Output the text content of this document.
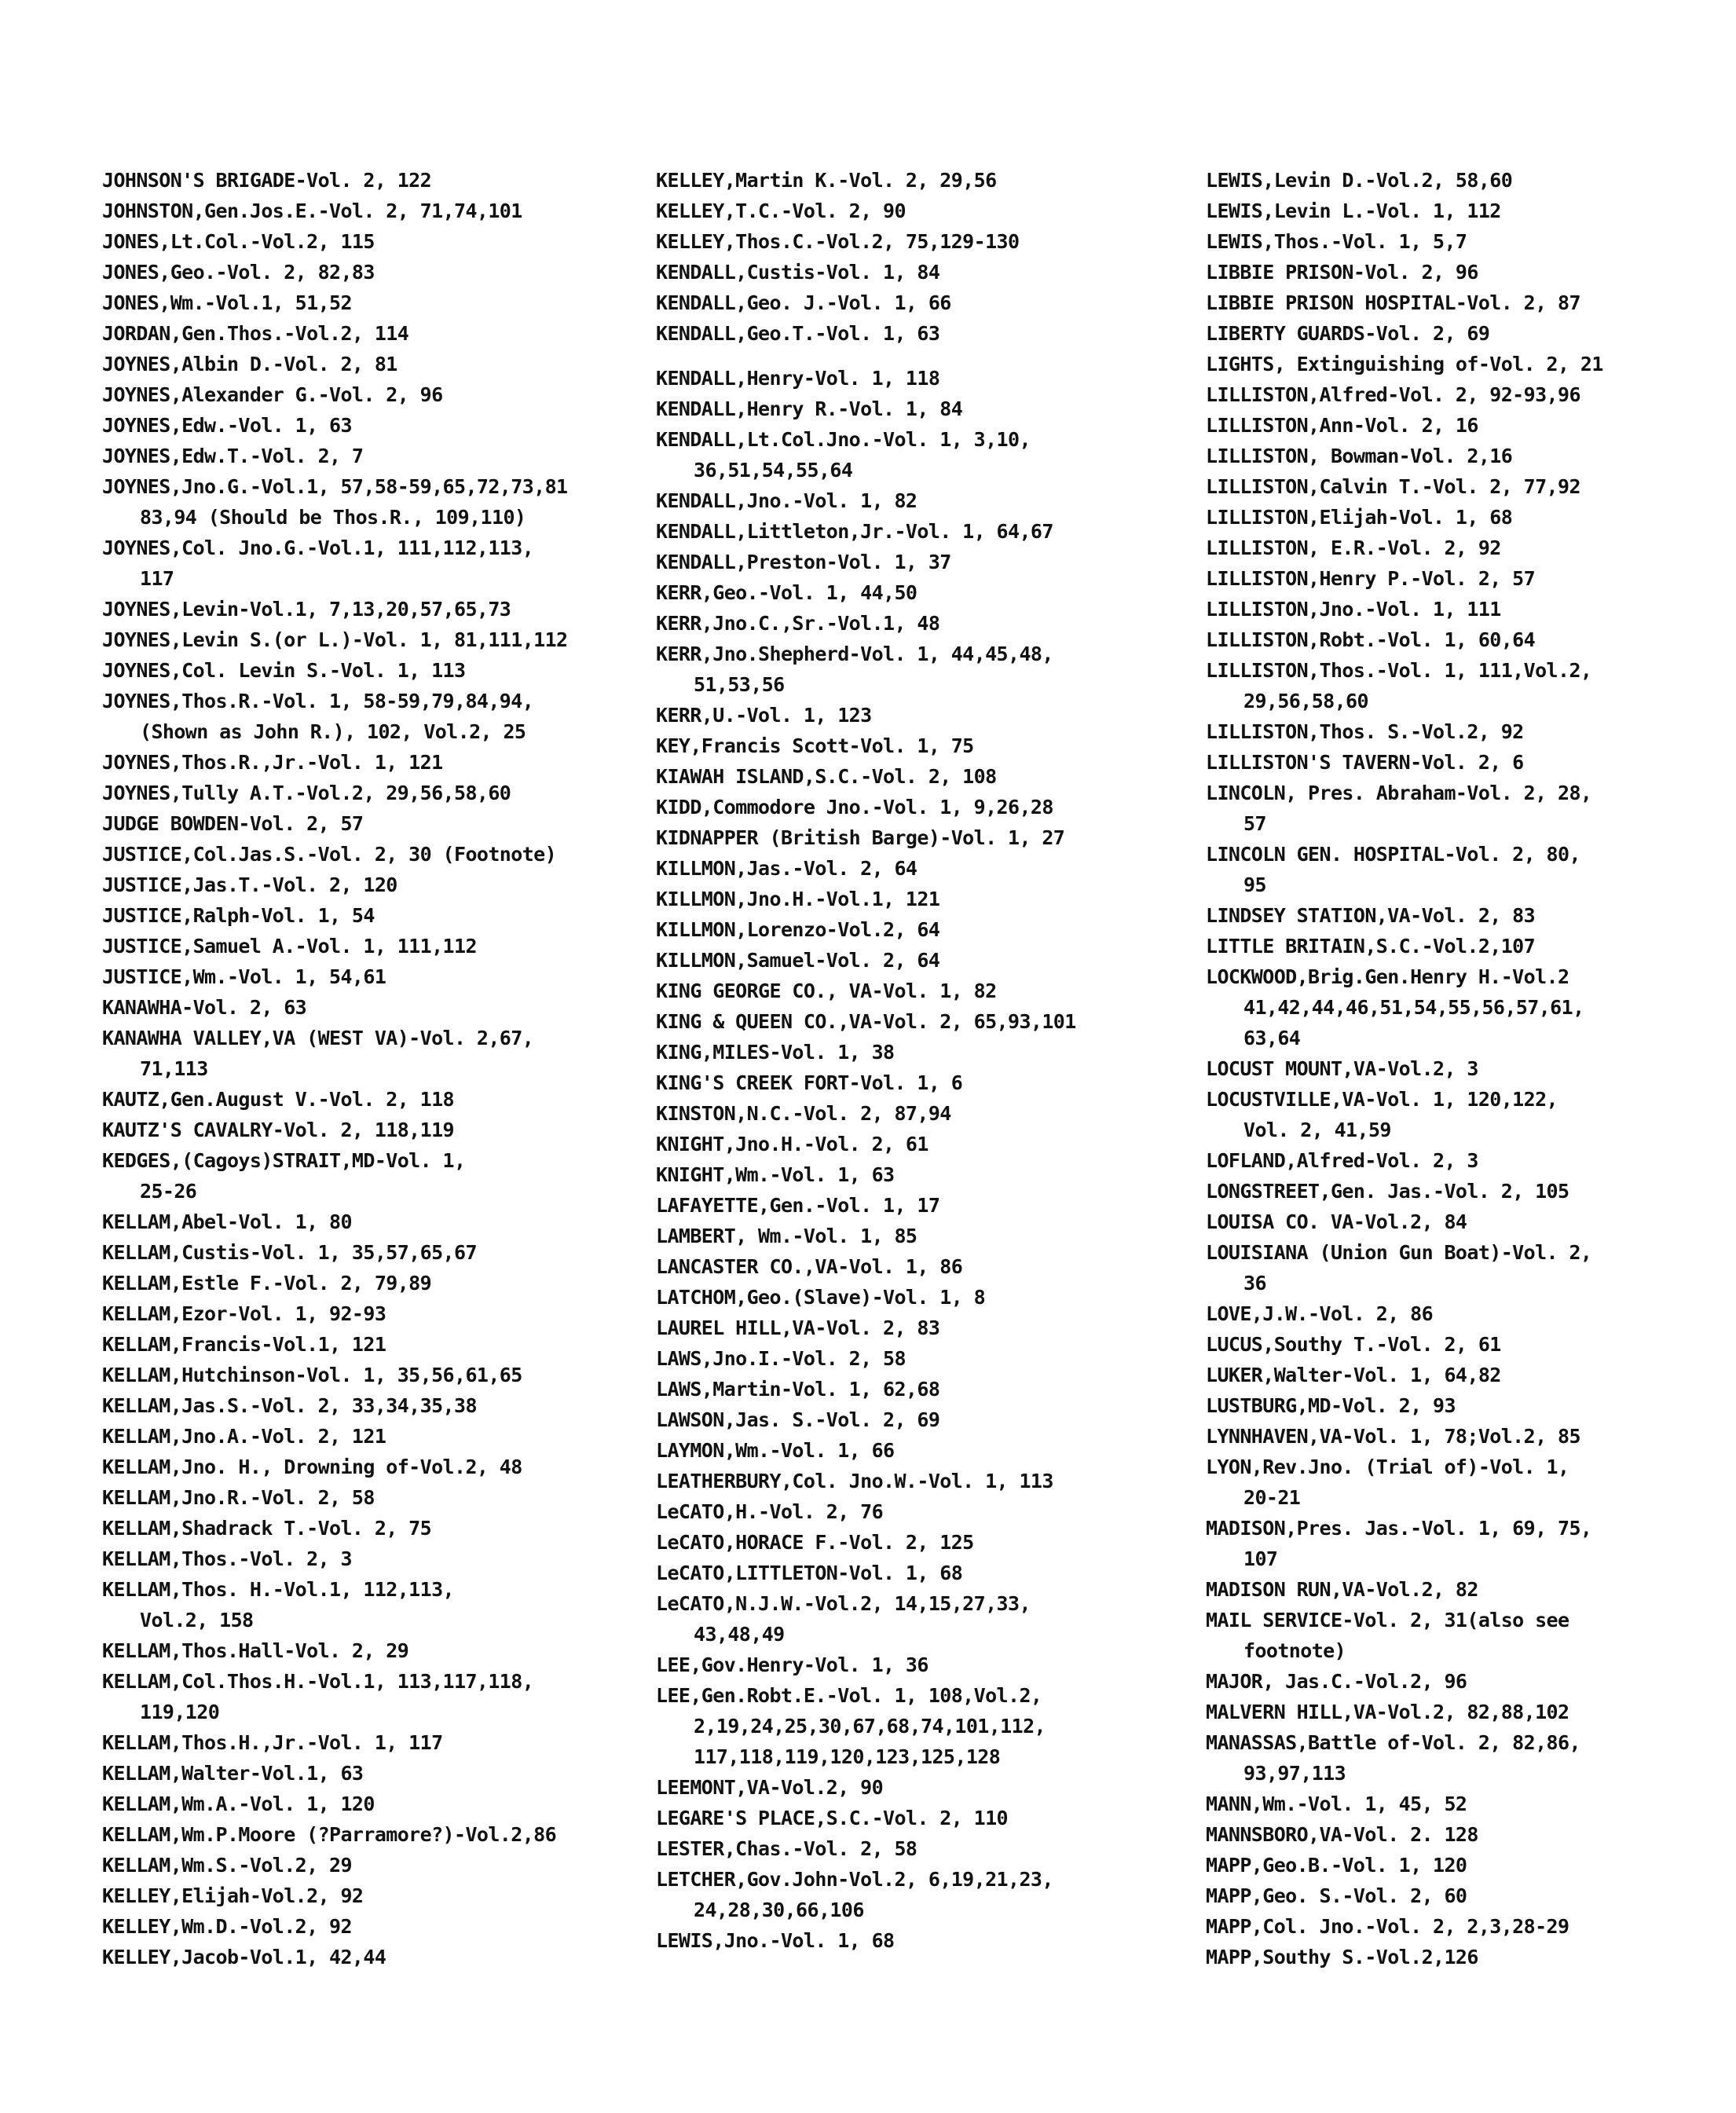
JOHNSON'S BRIGADE-Vol. 2, 122
JOHNSTON,Gen.Jos.E.-Vol. 2, 71,74,101
JONES,Lt.Col.-Vol.2, 115
JONES,Geo.-Vol. 2, 82,83
JONES,Wm.-Vol.1, 51,52
JORDAN,Gen.Thos.-Vol.2, 114
JOYNES,Albin D.-Vol. 2, 81
JOYNES,Alexander G.-Vol. 2, 96
JOYNES,Edw.-Vol. 1, 63
JOYNES,Edw.T.-Vol. 2, 7
JOYNES,Jno.G.-Vol.1, 57,58-59,65,72,73,81
83,94 (Should be Thos.R., 109,110)
JOYNES,Col. Jno.G.-Vol.1, 111,112,113,
117
JOYNES,Levin-Vol.1, 7,13,20,57,65,73
JOYNES,Levin S.(or L.)-Vol. 1, 81,111,112
JOYNES,Col. Levin S.-Vol. 1, 113
JOYNES,Thos.R.-Vol. 1, 58-59,79,84,94,
(Shown as John R.), 102, Vol.2, 25
JOYNES,Thos.R.,Jr.-Vol. 1, 121
JOYNES,Tully A.T.-Vol.2, 29,56,58,60
JUDGE BOWDEN-Vol. 2, 57
JUSTICE,Col.Jas.S.-Vol. 2, 30 (Footnote)
JUSTICE,Jas.T.-Vol. 2, 120
JUSTICE,Ralph-Vol. 1, 54
JUSTICE,Samuel A.-Vol. 1, 111,112
JUSTICE,Wm.-Vol. 1, 54,61
KANAWHA-Vol. 2, 63
KANAWHA VALLEY,VA (WEST VA)-Vol. 2,67,
71,113
KAUTZ,Gen.August V.-Vol. 2, 118
KAUTZ'S CAVALRY-Vol. 2, 118,119
KEDGES,(Cagoys)STRAIT,MD-Vol. 1,
25-26
KELLAM,Abel-Vol. 1, 80
KELLAM,Custis-Vol. 1, 35,57,65,67
KELLAM,Estle F.-Vol. 2, 79,89
KELLAM,Ezor-Vol. 1, 92-93
KELLAM,Francis-Vol.1, 121
KELLAM,Hutchinson-Vol. 1, 35,56,61,65
KELLAM,Jas.S.-Vol. 2, 33,34,35,38
KELLAM,Jno.A.-Vol. 2, 121
KELLAM,Jno. H., Drowning of-Vol.2, 48
KELLAM,Jno.R.-Vol. 2, 58
KELLAM,Shadrack T.-Vol. 2, 75
KELLAM,Thos.-Vol. 2, 3
KELLAM,Thos. H.-Vol.1, 112,113,
Vol.2, 158
KELLAM,Thos.Hall-Vol. 2, 29
KELLAM,Col.Thos.H.-Vol.1, 113,117,118,
119,120
KELLAM,Thos.H.,Jr.-Vol. 1, 117
KELLAM,Walter-Vol.1, 63
KELLAM,Wm.A.-Vol. 1, 120
KELLAM,Wm.P.Moore (?Parramore?)-Vol.2,86
KELLAM,Wm.S.-Vol.2, 29
KELLEY,Elijah-Vol.2, 92
KELLEY,Wm.D.-Vol.2, 92
KELLEY,Jacob-Vol.1, 42,44
KELLEY,Martin K.-Vol. 2, 29,56
KELLEY,T.C.-Vol. 2, 90
KELLEY,Thos.C.-Vol.2, 75,129-130
KENDALL,Custis-Vol. 1, 84
KENDALL,Geo. J.-Vol. 1, 66
KENDALL,Geo.T.-Vol. 1, 63
KENDALL,Henry-Vol. 1, 118
KENDALL,Henry R.-Vol. 1, 84
KENDALL,Lt.Col.Jno.-Vol. 1, 3,10,
36,51,54,55,64
KENDALL,Jno.-Vol. 1, 82
KENDALL,Littleton,Jr.-Vol. 1, 64,67
KENDALL,Preston-Vol. 1, 37
KERR,Geo.-Vol. 1, 44,50
KERR,Jno.C.,Sr.-Vol.1, 48
KERR,Jno.Shepherd-Vol. 1, 44,45,48,
51,53,56
KERR,U.-Vol. 1, 123
KEY,Francis Scott-Vol. 1, 75
KIAWAH ISLAND,S.C.-Vol. 2, 108
KIDD,Commodore Jno.-Vol. 1, 9,26,28
KIDNAPPER (British Barge)-Vol. 1, 27
KILLMON,Jas.-Vol. 2, 64
KILLMON,Jno.H.-Vol.1, 121
KILLMON,Lorenzo-Vol.2, 64
KILLMON,Samuel-Vol. 2, 64
KING GEORGE CO., VA-Vol. 1, 82
KING & QUEEN CO.,VA-Vol. 2, 65,93,101
KING,MILES-Vol. 1, 38
KING'S CREEK FORT-Vol. 1, 6
KINSTON,N.C.-Vol. 2, 87,94
KNIGHT,Jno.H.-Vol. 2, 61
KNIGHT,Wm.-Vol. 1, 63
LAFAYETTE,Gen.-Vol. 1, 17
LAMBERT, Wm.-Vol. 1, 85
LANCASTER CO.,VA-Vol. 1, 86
LATCHOM,Geo.(Slave)-Vol. 1, 8
LAUREL HILL,VA-Vol. 2, 83
LAWS,Jno.I.-Vol. 2, 58
LAWS,Martin-Vol. 1, 62,68
LAWSON,Jas. S.-Vol. 2, 69
LAYMON,Wm.-Vol. 1, 66
LEATHERBURY,Col. Jno.W.-Vol. 1, 113
LeCATO,H.-Vol. 2, 76
LeCATO,HORACE F.-Vol. 2, 125
LeCATO,LITTLETON-Vol. 1, 68
LeCATO,N.J.W.-Vol.2, 14,15,27,33,
43,48,49
LEE,Gov.Henry-Vol. 1, 36
LEE,Gen.Robt.E.-Vol. 1, 108,Vol.2,
2,19,24,25,30,67,68,74,101,112,
117,118,119,120,123,125,128
LEEMONT,VA-Vol.2, 90
LEGARE'S PLACE,S.C.-Vol. 2, 110
LESTER,Chas.-Vol. 2, 58
LETCHER,Gov.John-Vol.2, 6,19,21,23,
24,28,30,66,106
LEWIS,Jno.-Vol. 1, 68
LEWIS,Levin D.-Vol.2, 58,60
LEWIS,Levin L.-Vol. 1, 112
LEWIS,Thos.-Vol. 1, 5,7
LIBBIE PRISON-Vol. 2, 96
LIBBIE PRISON HOSPITAL-Vol. 2, 87
LIBERTY GUARDS-Vol. 2, 69
LIGHTS, Extinguishing of-Vol. 2, 21
LILLISTON,Alfred-Vol. 2, 92-93,96
LILLISTON,Ann-Vol. 2, 16
LILLISTON, Bowman-Vol. 2,16
LILLISTON,Calvin T.-Vol. 2, 77,92
LILLISTON,Elijah-Vol. 1, 68
LILLISTON, E.R.-Vol. 2, 92
LILLISTON,Henry P.-Vol. 2, 57
LILLISTON,Jno.-Vol. 1, 111
LILLISTON,Robt.-Vol. 1, 60,64
LILLISTON,Thos.-Vol. 1, 111,Vol.2,
29,56,58,60
LILLISTON,Thos. S.-Vol.2, 92
LILLISTON'S TAVERN-Vol. 2, 6
LINCOLN, Pres. Abraham-Vol. 2, 28,
57
LINCOLN GEN. HOSPITAL-Vol. 2, 80,
95
LINDSEY STATION,VA-Vol. 2, 83
LITTLE BRITAIN,S.C.-Vol.2,107
LOCKWOOD,Brig.Gen.Henry H.-Vol.2
41,42,44,46,51,54,55,56,57,61,
63,64
LOCUST MOUNT,VA-Vol.2, 3
LOCUSTVILLE,VA-Vol. 1, 120,122,
Vol. 2, 41,59
LOFLAND,Alfred-Vol. 2, 3
LONGSTREET,Gen. Jas.-Vol. 2, 105
LOUISA CO. VA-Vol.2, 84
LOUISIANA (Union Gun Boat)-Vol. 2,
36
LOVE,J.W.-Vol. 2, 86
LUCUS,Southy T.-Vol. 2, 61
LUKER,Walter-Vol. 1, 64,82
LUSTBURG,MD-Vol. 2, 93
LYNNHAVEN,VA-Vol. 1, 78;Vol.2, 85
LYON,Rev.Jno. (Trial of)-Vol. 1,
20-21
MADISON,Pres. Jas.-Vol. 1, 69, 75,
107
MADISON RUN,VA-Vol.2, 82
MAIL SERVICE-Vol. 2, 31(also see
footnote)
MAJOR, Jas.C.-Vol.2, 96
MALVERN HILL,VA-Vol.2, 82,88,102
MANASSAS,Battle of-Vol. 2, 82,86,
93,97,113
MANN,Wm.-Vol. 1, 45, 52
MANNSBORO,VA-Vol. 2. 128
MAPP,Geo.B.-Vol. 1, 120
MAPP,Geo. S.-Vol. 2, 60
MAPP,Col. Jno.-Vol. 2, 2,3,28-29
MAPP,Southy S.-Vol.2,126
